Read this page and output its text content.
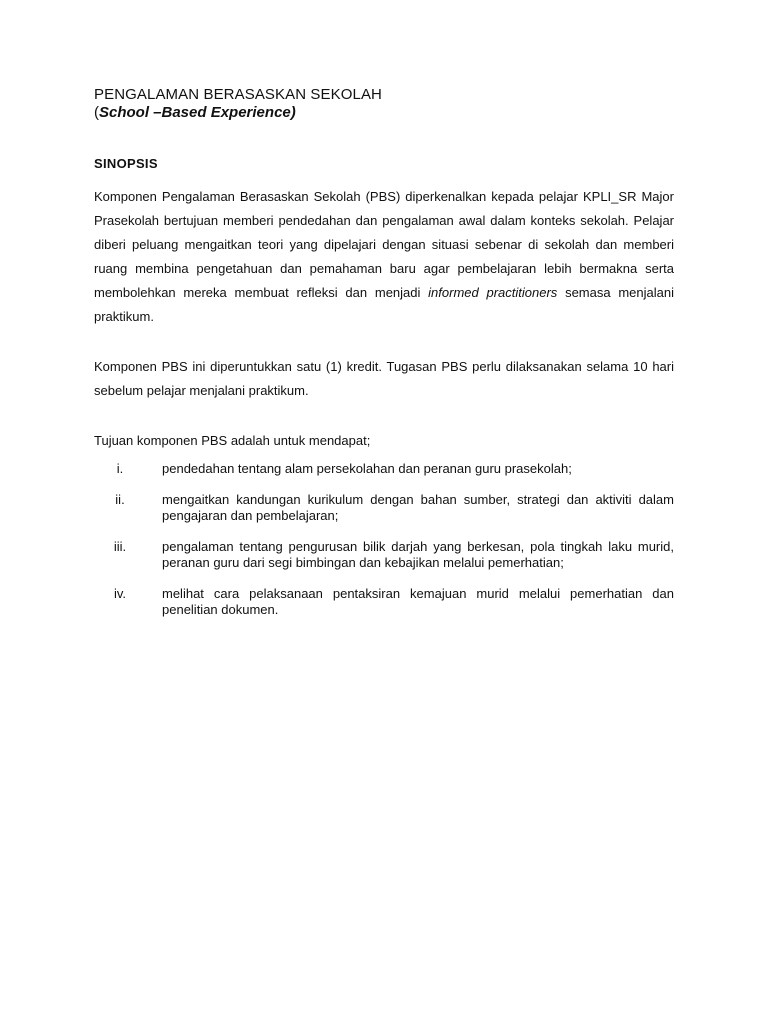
PENGALAMAN BERASASKAN SEKOLAH

(School –Based Experience)

SINOPSIS

Komponen Pengalaman Berasaskan Sekolah (PBS) diperkenalkan kepada pelajar KPLI_SR Major Prasekolah bertujuan memberi pendedahan dan pengalaman awal dalam konteks sekolah. Pelajar diberi peluang mengaitkan teori yang dipelajari dengan situasi sebenar di sekolah dan memberi ruang membina pengetahuan dan pemahaman baru agar pembelajaran lebih bermakna serta membolehkan mereka membuat refleksi dan menjadi informed practitioners semasa menjalani praktikum.

Komponen PBS ini diperuntukkan satu (1) kredit. Tugasan PBS perlu dilaksanakan selama 10 hari sebelum pelajar menjalani praktikum.

Tujuan komponen PBS adalah untuk mendapat;

i.	pendedahan tentang alam persekolahan dan peranan guru prasekolah;
ii.	mengaitkan kandungan kurikulum dengan bahan sumber, strategi dan aktiviti dalam pengajaran dan pembelajaran;
iii.	pengalaman tentang pengurusan bilik darjah yang berkesan, pola tingkah laku murid, peranan guru dari segi bimbingan dan kebajikan melalui pemerhatian;
iv.	melihat cara pelaksanaan pentaksiran kemajuan murid melalui pemerhatian dan penelitian dokumen.
